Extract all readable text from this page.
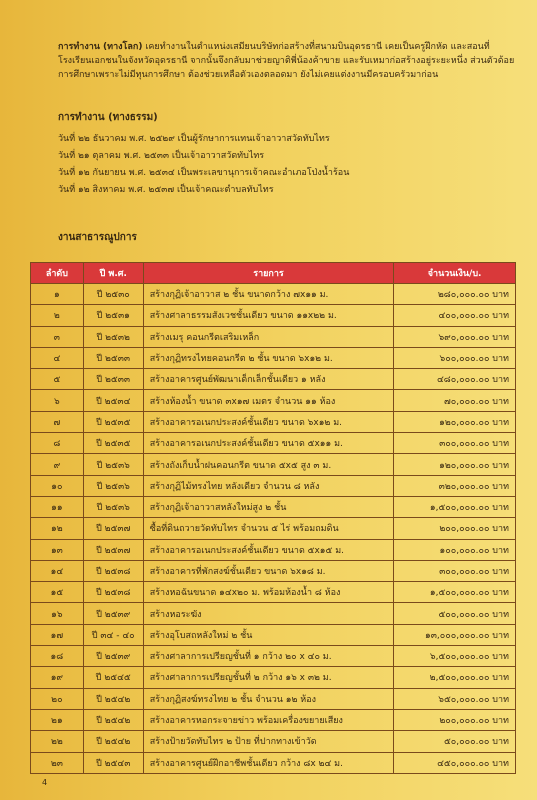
การทำงาน (ทางโลก) เคยทำงานในตำแหน่งเสมียนบริษัทก่อสร้างที่สนามบินอุดรธานี เคยเป็นครูฝึกหัด และสอนที่โรงเรียนเอกชนในจังหวัดอุดรธานี จากนั้นจึงกลับมาช่วยญาติพี่น้องค้าขาย และรับเหมาก่อสร้างอยู่ระยะหนึ่ง ส่วนตัวด้อยการศึกษาเพราะไม่มีทุนการศึกษา ต้องช่วยเหลือตัวเองตลอดมา ยังไม่เคยแต่งงานมีครอบครัวมาก่อน

การทำงาน (ทางธรรม)

วันที่ ๒๒ ธันวาคม พ.ศ. ๒๕๒๙ เป็นผู้รักษาการแทนเจ้าอาวาสวัดทับไทร
วันที่ ๒๑ ตุลาคม พ.ศ. ๒๕๓๓ เป็นเจ้าอาวาสวัดทับไทร
วันที่ ๑๒ กันยายน พ.ศ. ๒๕๓๔ เป็นพระเลขานุการเจ้าคณะอำเภอโป่งน้ำร้อน
วันที่ ๑๒ สิงหาคม พ.ศ. ๒๕๓๗ เป็นเจ้าคณะตำบลทับไทร

งานสาธารณูปการ

ลำดับ	ปี พ.ศ.	รายการ	จำนวนเงิน/บ.
๑	ปี ๒๕๓๐	สร้างกุฏิเจ้าอาวาส ๒ ชั้น ขนาดกว้าง ๗x๑๑ ม.	๒๘๐,๐๐๐.๐๐ บาท
๒	ปี ๒๕๓๑	สร้างศาลาธรรมสังเวชชั้นเดียว ขนาด ๑๑x๒๒ ม.	๔๐๐,๐๐๐.๐๐ บาท
๓	ปี ๒๕๓๒	สร้างเมรุ คอนกรีตเสริมเหล็ก	๖๙๐,๐๐๐.๐๐ บาท
๔	ปี ๒๕๓๓	สร้างกุฏิทรงไทยคอนกรีต ๒ ชั้น ขนาด ๖x๑๒ ม.	๖๐๐,๐๐๐.๐๐ บาท
๕	ปี ๒๕๓๓	สร้างอาคารศูนย์พัฒนาเด็กเล็กชั้นเดียว ๑ หลัง	๔๘๐,๐๐๐.๐๐ บาท
๖	ปี ๒๕๓๔	สร้างห้องน้ำ ขนาด ๓x๑๗ เมตร จำนวน ๑๑ ห้อง	๗๐,๐๐๐.๐๐ บาท
๗	ปี ๒๕๓๕	สร้างอาคารอเนกประสงค์ชั้นเดียว ขนาด ๖x๑๒ ม.	๑๒๐,๐๐๐.๐๐ บาท
๘	ปี ๒๕๓๕	สร้างอาคารอเนกประสงค์ชั้นเดียว ขนาด ๕x๑๑ ม.	๓๐๐,๐๐๐.๐๐ บาท
๙	ปี ๒๕๓๖	สร้างถังเก็บน้ำฝนคอนกรีต ขนาด ๕x๕ สูง ๓ ม.	๑๒๐,๐๐๐.๐๐ บาท
๑๐	ปี ๒๕๓๖	สร้างกุฏิไม้ทรงไทย หลังเดียว จำนวน ๘ หลัง	๓๒๐,๐๐๐.๐๐ บาท
๑๑	ปี ๒๕๓๖	สร้างกุฏิเจ้าอาวาสหลังใหม่สูง ๒ ชั้น	๑,๕๐๐,๐๐๐.๐๐ บาท
๑๒	ปี ๒๕๓๗	ซื้อที่ดินถวายวัดทับไทร จำนวน ๕ ไร่ พร้อมถมดิน	๒๐๐,๐๐๐.๐๐ บาท
๑๓	ปี ๒๕๓๗	สร้างอาคารอเนกประสงค์ชั้นเดียว ขนาด ๕x๑๕ ม.	๑๐๐,๐๐๐.๐๐ บาท
๑๔	ปี ๒๕๓๘	สร้างอาคารที่พักสงฆ์ชั้นเดียว ขนาด ๖x๑๘ ม.	๓๐๐,๐๐๐.๐๐ บาท
๑๕	ปี ๒๕๓๘	สร้างหอฉันขนาด ๑๔x๒๐ ม. พร้อมห้องน้ำ ๘ ห้อง	๑,๕๐๐,๐๐๐.๐๐ บาท
๑๖	ปี ๒๕๓๙	สร้างหอระฆัง	๕๐๐,๐๐๐.๐๐ บาท
๑๗	ปี ๓๔ - ๔๐	สร้างอุโบสถหลังใหม่ ๒ ชั้น	๑๓,๐๐๐,๐๐๐.๐๐ บาท
๑๘	ปี ๒๕๓๙	สร้างศาลาการเปรียญชั้นที่ ๑ กว้าง ๒๐ x ๔๐ ม.	๖,๕๐๐,๐๐๐.๐๐ บาท
๑๙	ปี ๒๕๔๕	สร้างศาลาการเปรียญชั้นที่ ๒ กว้าง ๑๖ x ๓๒ ม.	๒,๕๐๐,๐๐๐.๐๐ บาท
๒๐	ปี ๒๕๔๒	สร้างกุฏิสงฆ์ทรงไทย ๒ ชั้น จำนวน ๑๒ ห้อง	๖๕๐,๐๐๐.๐๐ บาท
๒๑	ปี ๒๕๔๒	สร้างอาคารหอกระจายข่าว พร้อมเครื่องขยายเสียง	๒๐๐,๐๐๐.๐๐ บาท
๒๒	ปี ๒๕๔๒	สร้างป้ายวัดทับไทร ๒ ป้าย ที่ปากทางเข้าวัด	๕๐,๐๐๐.๐๐ บาท
๒๓	ปี ๒๕๔๓	สร้างอาคารศูนย์ฝึกอาชีพชั้นเดียว กว้าง ๘x ๒๔ ม.	๔๕๐,๐๐๐.๐๐ บาท
4
